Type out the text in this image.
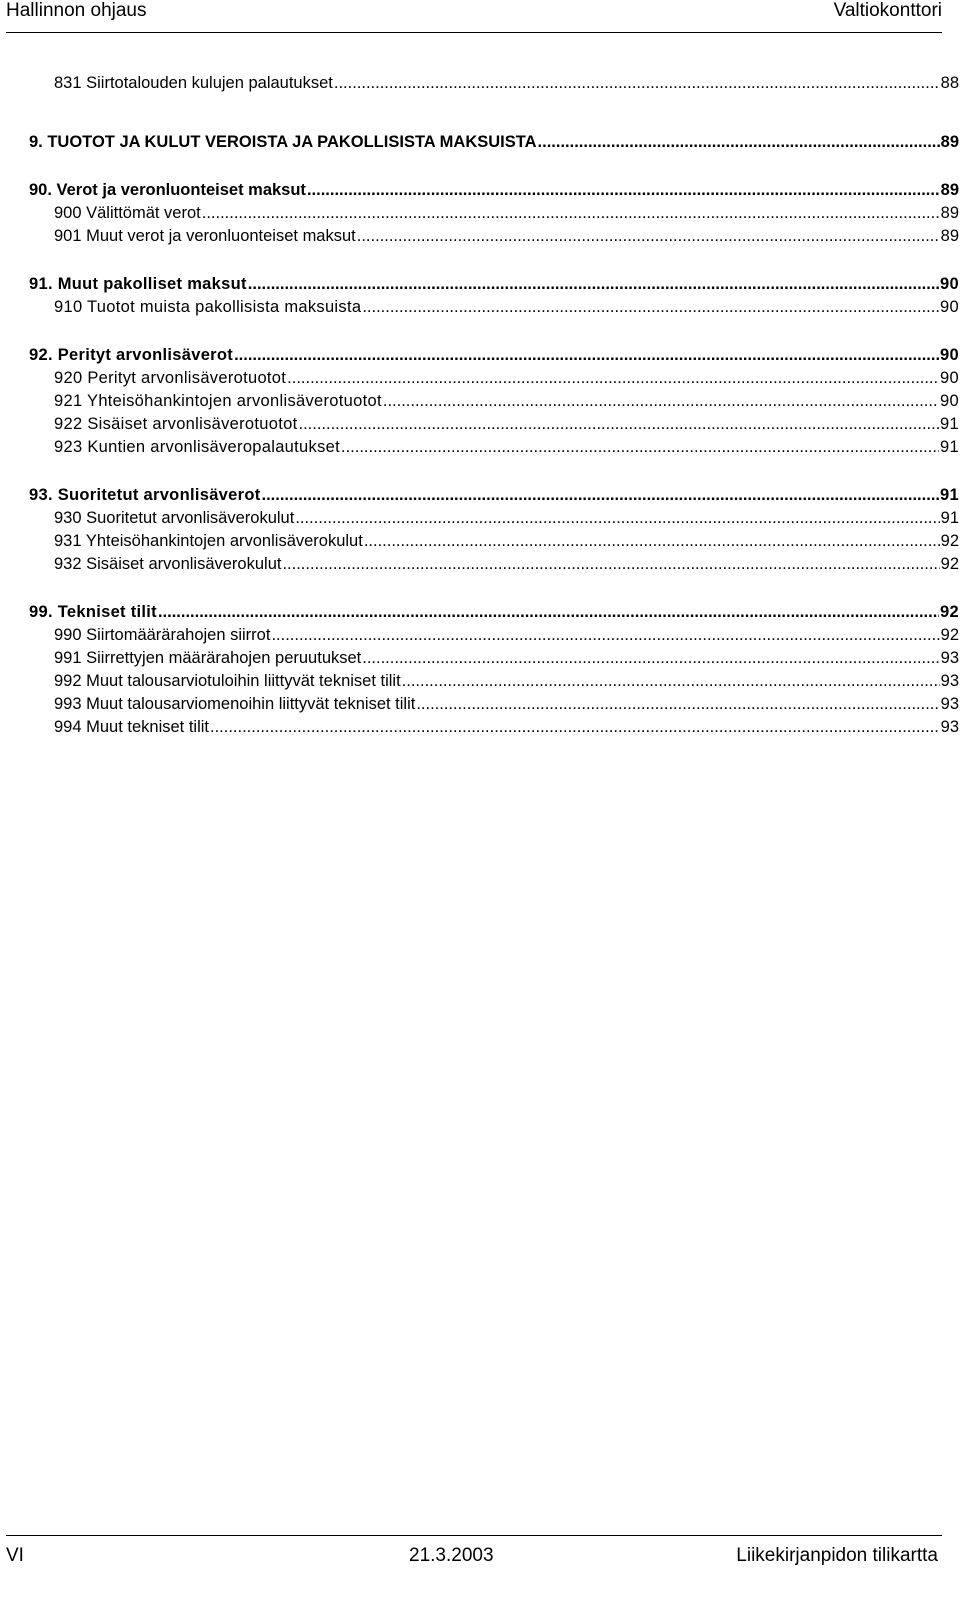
Hallinnon ohjaus	Valtiokonttori
831 Siirtotalouden kulujen palautukset .....	88
9. TUOTOT JA KULUT VEROISTA JA PAKOLLISISTA MAKSUISTA .....	89
90. Verot ja veronluonteiset maksut .....	89
900 Välittömät verot .....	89
901 Muut verot ja veronluonteiset maksut .....	89
91. Muut pakolliset maksut .....	90
910 Tuotot muista pakollisista maksuista .....	90
92. Perityt arvonlisäverot .....	90
920 Perityt arvonlisäverotuotot .....	90
921 Yhteisöhankintojen arvonlisäverotuotot .....	90
922 Sisäiset arvonlisäverotuotot .....	91
923 Kuntien arvonlisäveropalautukset .....	91
93. Suoritetut arvonlisäverot .....	91
930 Suoritetut arvonlisäverokulut .....	91
931 Yhteisöhankintojen arvonlisäverokulut .....	92
932 Sisäiset arvonlisäverokulut .....	92
99. Tekniset tilit .....	92
990 Siirtomäärärahojen siirrot .....	92
991 Siirrettyjen määrärahojen peruutukset .....	93
992 Muut talousarviotuloihin liittyvät tekniset tilit .....	93
993 Muut talousarviomenoihin liittyvät tekniset tilit .....	93
994 Muut tekniset tilit .....	93
VI	21.3.2003	Liikekirjanpidon tilikartta
